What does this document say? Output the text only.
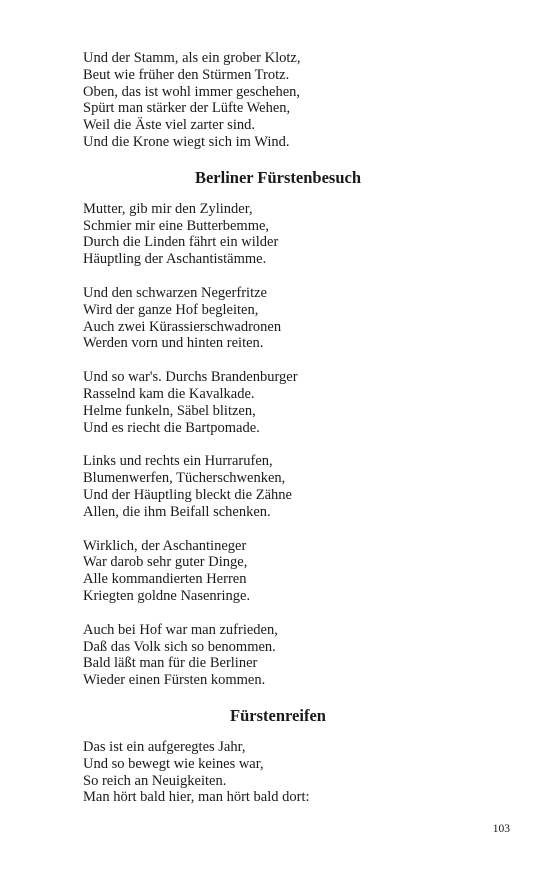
Und der Stamm, als ein grober Klotz,
Beut wie früher den Stürmen Trotz.
Oben, das ist wohl immer geschehen,
Spürt man stärker der Lüfte Wehen,
Weil die Äste viel zarter sind.
Und die Krone wiegt sich im Wind.
Berliner Fürstenbesuch
Mutter, gib mir den Zylinder,
Schmier mir eine Butterbemme,
Durch die Linden fährt ein wilder
Häuptling der Aschantistämme.
Und den schwarzen Negerfritze
Wird der ganze Hof begleiten,
Auch zwei Kürassierschwadronen
Werden vorn und hinten reiten.
Und so war's. Durchs Brandenburger
Rasselnd kam die Kavalkade.
Helme funkeln, Säbel blitzen,
Und es riecht die Bartpomade.
Links und rechts ein Hurrarufen,
Blumenwerfen, Tücherschwenken,
Und der Häuptling bleckt die Zähne
Allen, die ihm Beifall schenken.
Wirklich, der Aschantineger
War darob sehr guter Dinge,
Alle kommandierten Herren
Kriegten goldne Nasenringe.
Auch bei Hof war man zufrieden,
Daß das Volk sich so benommen.
Bald läßt man für die Berliner
Wieder einen Fürsten kommen.
Fürstenreifen
Das ist ein aufgeregtes Jahr,
Und so bewegt wie keines war,
So reich an Neuigkeiten.
Man hört bald hier, man hört bald dort:
103
